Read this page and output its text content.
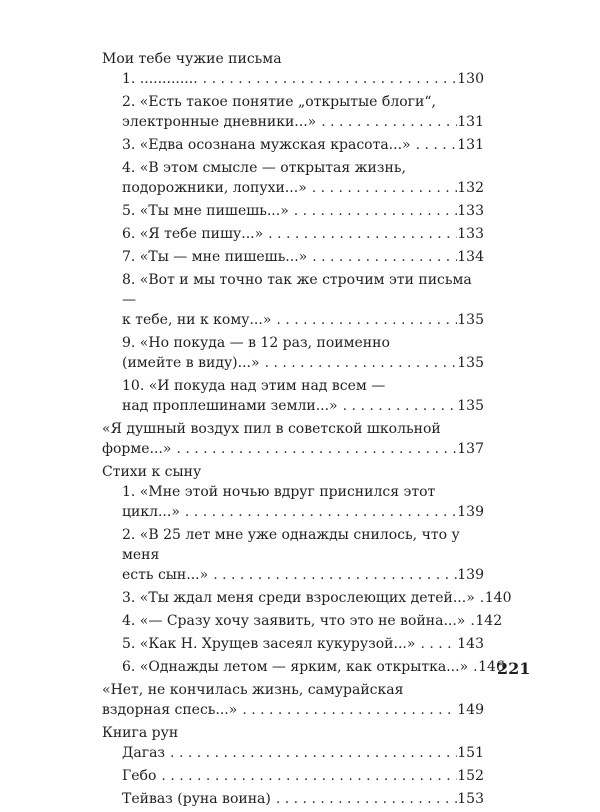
Мои тебе чужие письма
1. ............. . . .	130
2. «Есть такое понятие „открытые блоги“,
электронные дневники...» . . .	131
3. «Едва осознана мужская красота...» . . .	131
4. «В этом смысле — открытая жизнь,
подорожники, лопухи...» . . .	132
5. «Ты мне пишешь...» . . .	133
6. «Я тебе пишу...» . . .	133
7. «Ты — мне пишешь...» . . .	134
8. «Вот и мы точно так же строчим эти письма —
к тебе, ни к кому...» . . .	135
9. «Но покуда — в 12 раз, поименно
(имейте в виду)...» . . .	135
10. «И покуда над этим над всем —
над проплешинами земли...» . . .	135
«Я душный воздух пил в советской школьной
форме...» . . .	137
Стихи к сыну
1. «Мне этой ночью вдруг приснился этот
цикл...» . . .	139
2. «В 25 лет мне уже однажды снилось, что у меня
есть сын...» . . .	139
3. «Ты ждал меня среди взрослеющих детей...» . . . 140
4. «— Сразу хочу заявить, что это не война...» . . . 142
5. «Как Н. Хрущев засеял кукурузой...» . . .	143
6. «Однажды летом — ярким, как открытка...» . . . 146
«Нет, не кончилась жизнь, самурайская
вздорная спесь...» . . .	149
Книга рун
Дагаз . . .	151
Гебо . . .	152
Тейваз (руна воина) . . .	153
221
